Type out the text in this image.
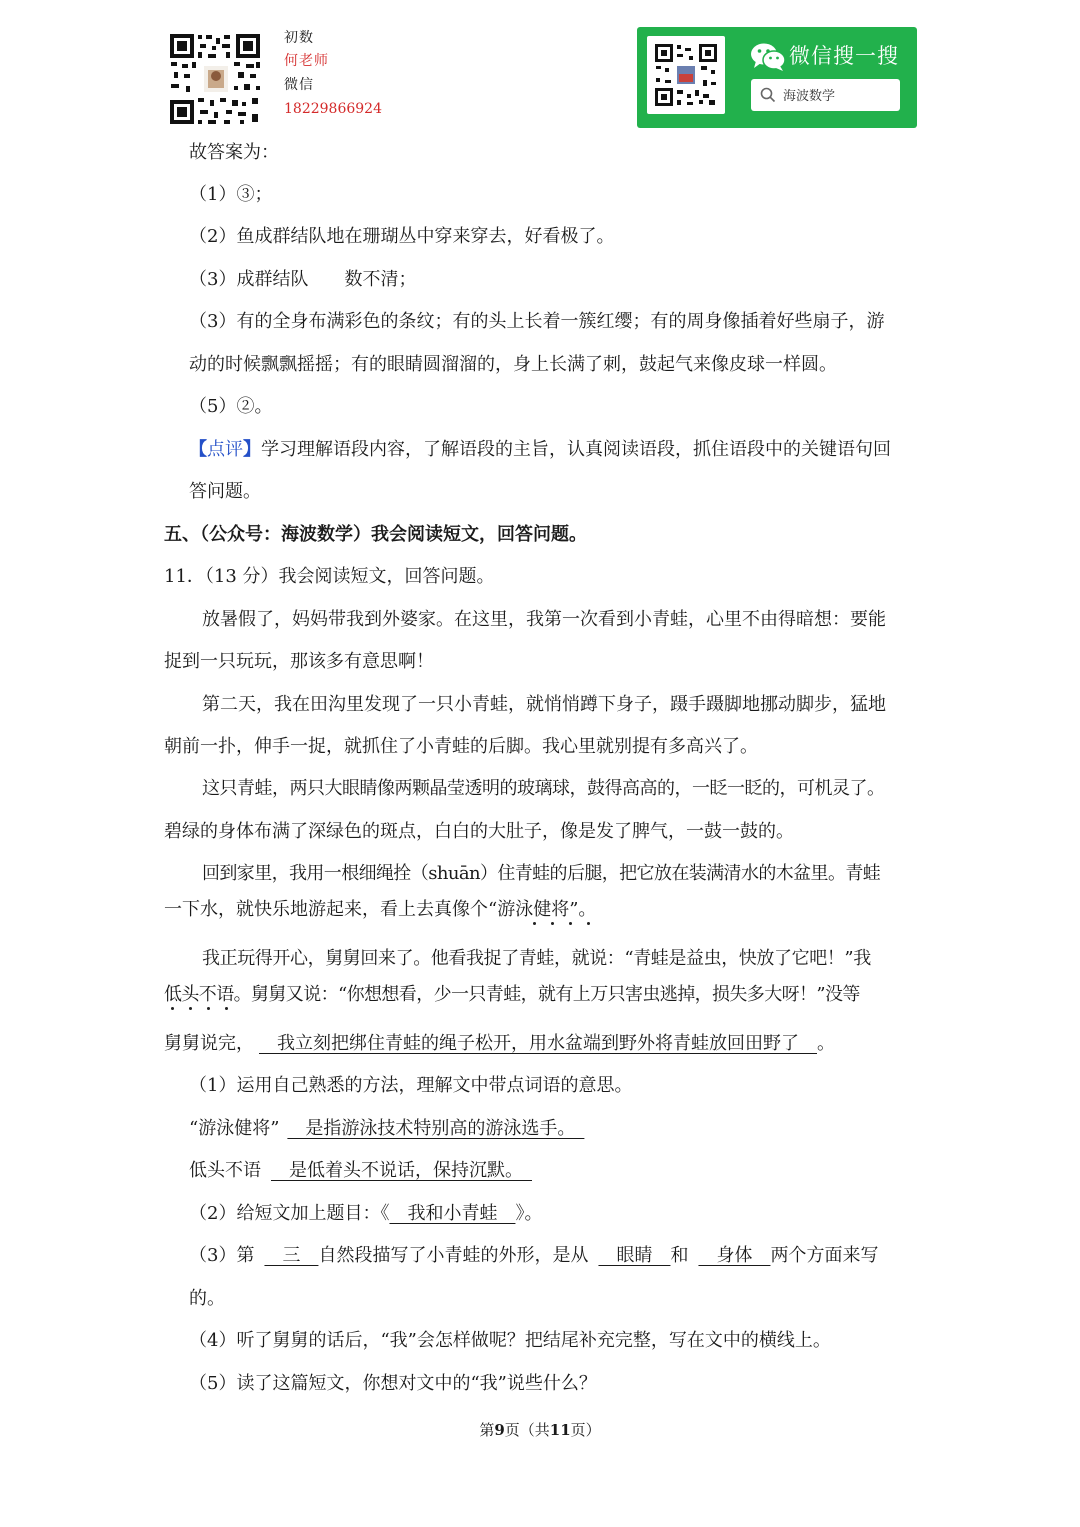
初数
何老师
微信
18229866924
微信搜一搜
海波数学
故答案为：
（1）③；
（2）鱼成群结队地在珊瑚丛中穿来穿去，好看极了。
（3）成群结队　　数不清；
（3）有的全身布满彩色的条纹；有的头上长着一簇红缨；有的周身像插着好些扇子，游
动的时候飘飘摇摇；有的眼睛圆溜溜的，身上长满了刺，鼓起气来像皮球一样圆。
（5）②。
【点评】学习理解语段内容，了解语段的主旨，认真阅读语段，抓住语段中的关键语句回
答问题。
五、（公众号：海波数学）我会阅读短文，回答问题。
11．（13 分）我会阅读短文，回答问题。
放暑假了，妈妈带我到外婆家。在这里，我第一次看到小青蛙，心里不由得暗想：要能
捉到一只玩玩，那该多有意思啊！
第二天，我在田沟里发现了一只小青蛙，就悄悄蹲下身子，蹑手蹑脚地挪动脚步，猛地
朝前一扑，伸手一捉，就抓住了小青蛙的后脚。我心里就别提有多高兴了。
这只青蛙，两只大眼睛像两颗晶莹透明的玻璃球，鼓得高高的，一眨一眨的，可机灵了。
碧绿的身体布满了深绿色的斑点，白白的大肚子，像是发了脾气，一鼓一鼓的。
回到家里，我用一根细绳拴（shuān）住青蛙的后腿，把它放在装满清水的木盆里。青蛙
一下水，就快乐地游起来，看上去真像个“游泳健将”。
我正玩得开心，舅舅回来了。他看我捉了青蛙，就说：“青蛙是益虫，快放了它吧！”我
低头不语。舅舅又说：“你想想看，少一只青蛙，就有上万只害虫逃掉，损失多大呀！”没等
舅舅说完，　我立刻把绑住青蛙的绳子松开，用水盆端到野外将青蛙放回田野了　。
（1）运用自己熟悉的方法，理解文中带点词语的意思。
“游泳健将”　是指游泳技术特别高的游泳选手。　
低头不语　是低着头不说话，保持沉默。　
（2）给短文加上题目：《　我和小青蛙　》。
（3）第　三　自然段描写了小青蛙的外形，是从　眼睛　和　身体　两个方面来写
的。
（4）听了舅舅的话后，“我”会怎样做呢？把结尾补充完整，写在文中的横线上。
（5）读了这篇短文，你想对文中的“我”说些什么？
第9页（共11页）
